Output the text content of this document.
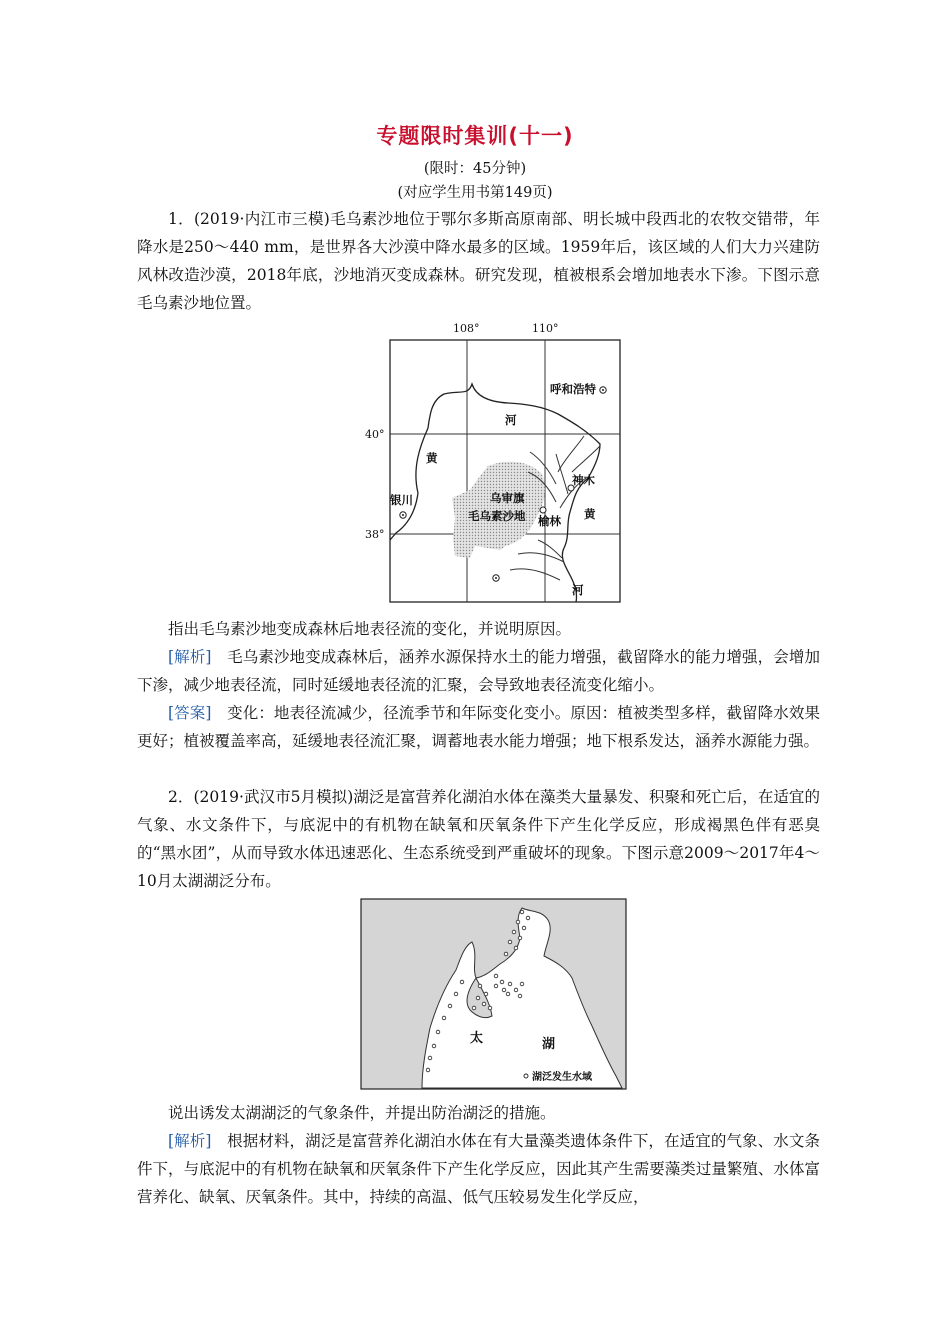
专题限时集训(十一)
(限时：45分钟)
(对应学生用书第149页)

1．(2019·内江市三模)毛乌素沙地位于鄂尔多斯高原南部、明长城中段西北的农牧交错带，年降水是250～440 mm，是世界各大沙漠中降水最多的区域。1959年后，该区域的人们大力兴建防风林改造沙漠，2018年底，沙地消灭变成森林。研究发现，植被根系会增加地表水下渗。下图示意毛乌素沙地位置。

108°	110°
40°
38°
呼和浩特
河
黄
银川
神木
乌审旗
毛乌素沙地 榆林 黄
河

指出毛乌素沙地变成森林后地表径流的变化，并说明原因。

[解析]　 毛乌素沙地变成森林后，涵养水源保持水土的能力增强，截留降水的能力增强，会增加下渗，减少地表径流，同时延缓地表径流的汇聚，会导致地表径流变化缩小。

[答案]　 变化：地表径流减少，径流季节和年际变化变小。原因：植被类型多样，截留降水效果更好；植被覆盖率高，延缓地表径流汇聚，调蓄地表水能力增强；地下根系发达，涵养水源能力强。

2．(2019·武汉市5月模拟)湖泛是富营养化湖泊水体在藻类大量暴发、积聚和死亡后，在适宜的气象、水文条件下，与底泥中的有机物在缺氧和厌氧条件下产生化学反应，形成褐黑色伴有恶臭的“黑水团”，从而导致水体迅速恶化、生态系统受到严重破坏的现象。下图示意2009～2017年4～10月太湖湖泛分布。

太	湖
湖泛发生水域

说出诱发太湖湖泛的气象条件，并提出防治湖泛的措施。

[解析]　 根据材料，湖泛是富营养化湖泊水体在有大量藻类遗体条件下，在适宜的气象、水文条件下，与底泥中的有机物在缺氧和厌氧条件下产生化学反应，因此其产生需要藻类过量繁殖、水体富营养化、缺氧、厌氧条件。其中，持续的高温、低气压较易发生化学反应，
